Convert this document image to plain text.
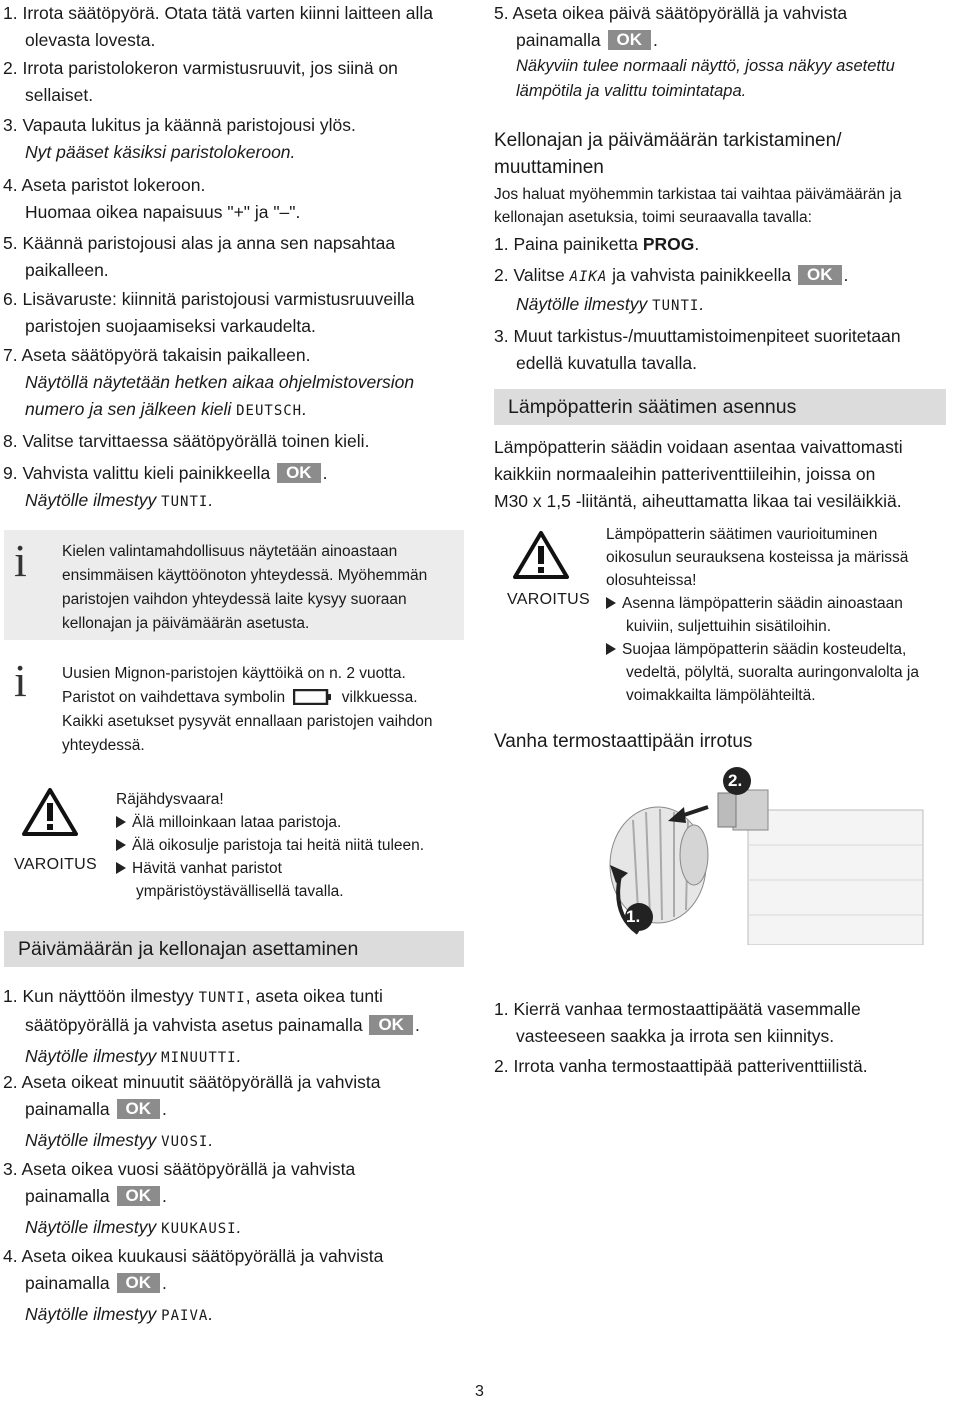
1. Irrota säätöpyörä. Otata tätä varten kiinni laitteen alla
olevasta lovesta.
2. Irrota paristolokeron varmistusruuvit, jos siinä on
sellaiset.
3. Vapauta lukitus ja käännä paristojousi ylös.
Nyt pääset käsiksi paristolokeroon.
4. Aseta paristot lokeroon.
Huomaa oikea napaisuus "+" ja "–".
5. Käännä paristojousi alas ja anna sen napsahtaa
paikalleen.
6. Lisävaruste: kiinnitä paristojousi varmistusruuveilla
paristojen suojaamiseksi varkaudelta.
7. Aseta säätöpyörä takaisin paikalleen.
Näytöllä näytetään hetken aikaa ohjelmistoversion
numero ja sen jälkeen kieli DEUTSCH.
8. Valitse tarvittaessa säätöpyörällä toinen kieli.
9. Vahvista valittu kieli painikkeella OK .
Näytölle ilmestyy TUNTI.
i Kielen valintamahdollisuus näytetään ainoastaan
ensimmäisen käyttöönoton yhteydessä. Myöhemmän
paristojen vaihdon yhteydessä laite kysyy suoraan
kellonajan ja päivämäärän asetusta.
i Uusien Mignon-paristojen käyttöikä on n. 2 vuotta.
Paristot on vaihdettava symbolin	vilkkuessa.
Kaikki asetukset pysyvät ennallaan paristojen vaihdon
yhteydessä.
VAROITUS
Räjähdysvaara!
Älä milloinkaan lataa paristoja.
Älä oikosulje paristoja tai heitä niitä tuleen.
Hävitä vanhat paristot
ympäristöystävällisellä tavalla.
Päivämäärän ja kellonajan asettaminen
1. Kun näyttöön ilmestyy TUNTI, aseta oikea tunti
säätöpyörällä ja vahvista asetus painamalla OK .
Näytölle ilmestyy MINUUTTI.
2. Aseta oikeat minuutit säätöpyörällä ja vahvista
painamalla OK .
Näytölle ilmestyy VUOSI.
3. Aseta oikea vuosi säätöpyörällä ja vahvista
painamalla OK .
Näytölle ilmestyy KUUKAUSI.
4. Aseta oikea kuukausi säätöpyörällä ja vahvista
painamalla OK .
Näytölle ilmestyy PAIVA.
5. Aseta oikea päivä säätöpyörällä ja vahvista
painamalla OK .
Näkyviin tulee normaali näyttö, jossa näkyy asetettu
lämpötila ja valittu toimintatapa.
Kellonajan ja päivämäärän tarkistaminen/
muuttaminen
Jos haluat myöhemmin tarkistaa tai vaihtaa päivämäärän ja
kellonajan asetuksia, toimi seuraavalla tavalla:
1. Paina painiketta PROG.
2. Valitse AIKA ja vahvista painikkeella OK .
Näytölle ilmestyy TUNTI.
3. Muut tarkistus-/muuttamistoimenpiteet suoritetaan
edellä kuvatulla tavalla.
Lämpöpatterin säätimen asennus
Lämpöpatterin säädin voidaan asentaa vaivattomasti
kaikkiin normaaleihin patteriventtiileihin, joissa on
M30 x 1,5 -liitäntä, aiheuttamatta likaa tai vesiläikkiä.
VAROITUS
Lämpöpatterin säätimen vaurioituminen
oikosulun seurauksena kosteissa ja märissä
olosuhteissa!
Asenna lämpöpatterin säädin ainoastaan
kuiviin, suljettuihin sisätiloihin.
Suojaa lämpöpatterin säädin kosteudelta,
vedeltä, pölyltä, suoralta auringonvalolta ja
voimakkailta lämpölähteiltä.
Vanha termostaattipään irrotus
1.
2.
1. Kierrä vanhaa termostaattipäätä vasemmalle
vasteeseen saakka ja irrota sen kiinnitys.
2. Irrota vanha termostaattipää patteriventtiilistä.
3
